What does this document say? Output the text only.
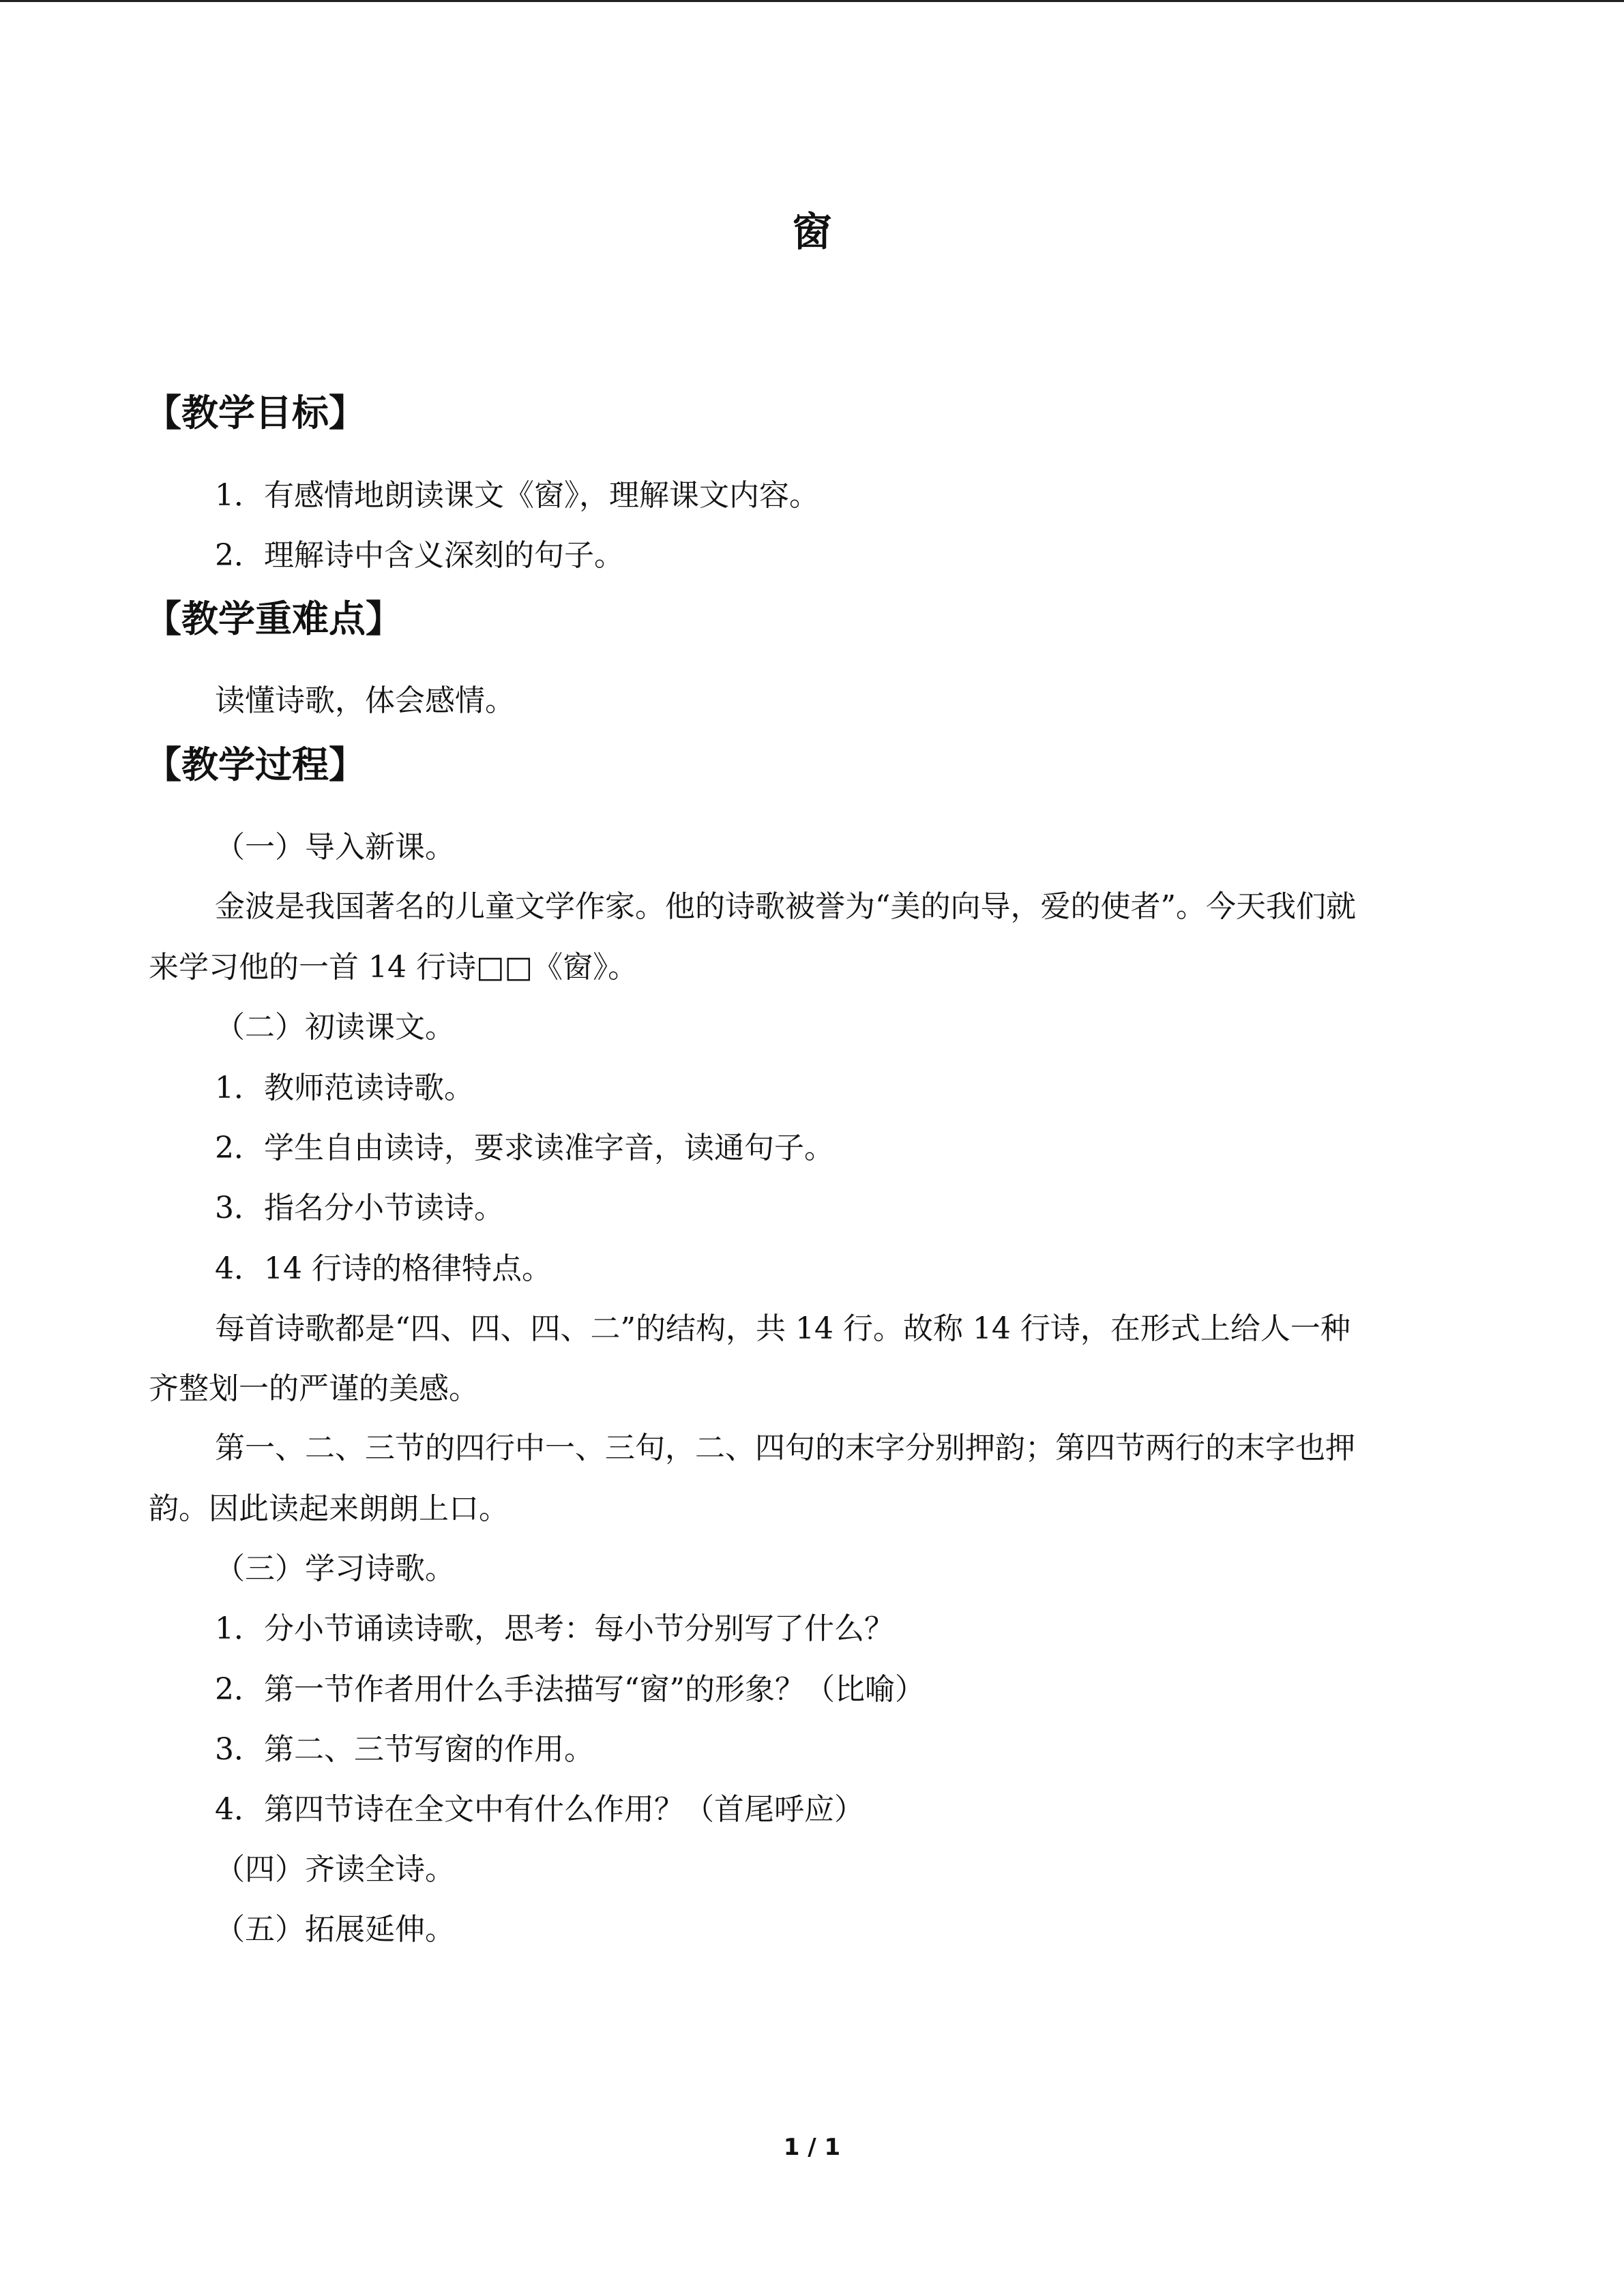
窗
【教学目标】
1．有感情地朗读课文《窗》，理解课文内容。
2．理解诗中含义深刻的句子。
【教学重难点】
读懂诗歌，体会感情。
【教学过程】
（一）导入新课。
金波是我国著名的儿童文学作家。他的诗歌被誉为“美的向导，爱的使者”。今天我们就
来学习他的一首 14 行诗□□《窗》。
（二）初读课文。
1．教师范读诗歌。
2．学生自由读诗，要求读准字音，读通句子。
3．指名分小节读诗。
4．14 行诗的格律特点。
每首诗歌都是“四、四、四、二”的结构，共 14 行。故称 14 行诗，在形式上给人一种
齐整划一的严谨的美感。
第一、二、三节的四行中一、三句，二、四句的末字分别押韵；第四节两行的末字也押
韵。因此读起来朗朗上口。
（三）学习诗歌。
1．分小节诵读诗歌，思考：每小节分别写了什么？
2．第一节作者用什么手法描写“窗”的形象？（比喻）
3．第二、三节写窗的作用。
4．第四节诗在全文中有什么作用？（首尾呼应）
（四）齐读全诗。
（五）拓展延伸。
1 / 1
